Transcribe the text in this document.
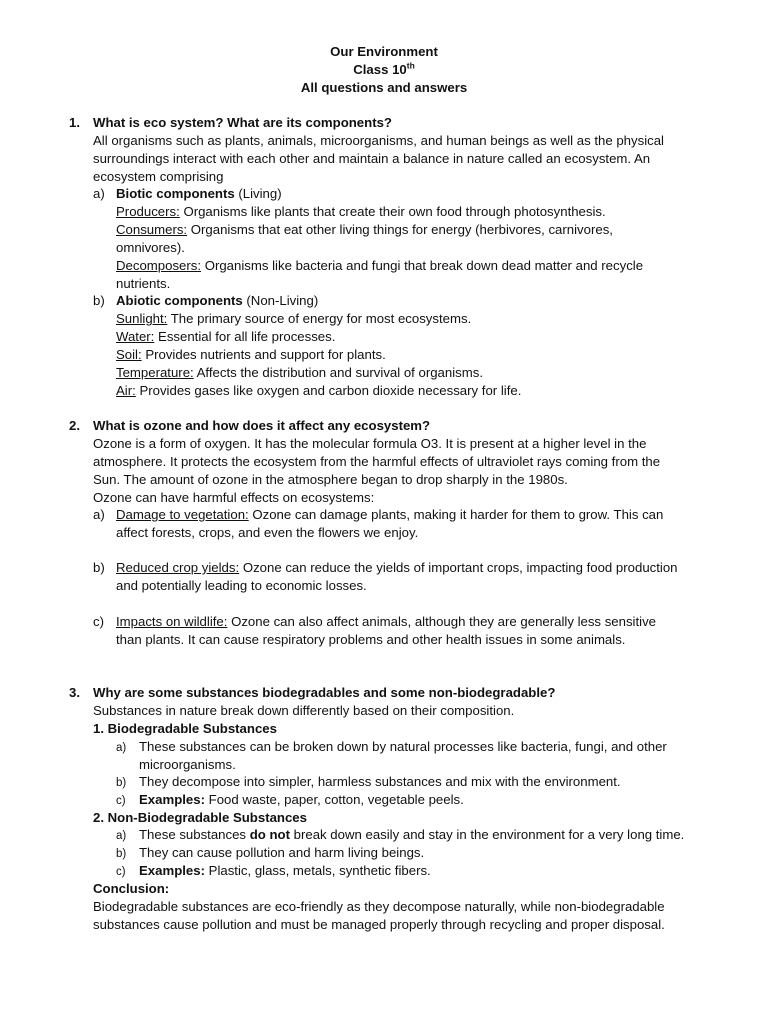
Our Environment
Class 10th
All questions and answers
1. What is eco system? What are its components?
All organisms such as plants, animals, microorganisms, and human beings as well as the physical
surroundings interact with each other and maintain a balance in nature called an ecosystem. An
ecosystem comprising
a) Biotic components (Living)
Producers: Organisms like plants that create their own food through photosynthesis.
Consumers: Organisms that eat other living things for energy (herbivores, carnivores,
omnivores).
Decomposers: Organisms like bacteria and fungi that break down dead matter and recycle
nutrients.
b) Abiotic components (Non-Living)
Sunlight: The primary source of energy for most ecosystems.
Water: Essential for all life processes.
Soil: Provides nutrients and support for plants.
Temperature: Affects the distribution and survival of organisms.
Air: Provides gases like oxygen and carbon dioxide necessary for life.
2. What is ozone and how does it affect any ecosystem?
Ozone is a form of oxygen. It has the molecular formula O3. It is present at a higher level in the
atmosphere. It protects the ecosystem from the harmful effects of ultraviolet rays coming from the
Sun. The amount of ozone in the atmosphere began to drop sharply in the 1980s.
Ozone can have harmful effects on ecosystems:
a) Damage to vegetation: Ozone can damage plants, making it harder for them to grow. This can
affect forests, crops, and even the flowers we enjoy.
b) Reduced crop yields: Ozone can reduce the yields of important crops, impacting food production
and potentially leading to economic losses.
c) Impacts on wildlife: Ozone can also affect animals, although they are generally less sensitive
than plants. It can cause respiratory problems and other health issues in some animals.
3. Why are some substances biodegradables and some non-biodegradable?
Substances in nature break down differently based on their composition.
1. Biodegradable Substances
a) These substances can be broken down by natural processes like bacteria, fungi, and other
microorganisms.
b) They decompose into simpler, harmless substances and mix with the environment.
c) Examples: Food waste, paper, cotton, vegetable peels.
2. Non-Biodegradable Substances
a) These substances do not break down easily and stay in the environment for a very long time.
b) They can cause pollution and harm living beings.
c) Examples: Plastic, glass, metals, synthetic fibers.
Conclusion:
Biodegradable substances are eco-friendly as they decompose naturally, while non-biodegradable
substances cause pollution and must be managed properly through recycling and proper disposal.
